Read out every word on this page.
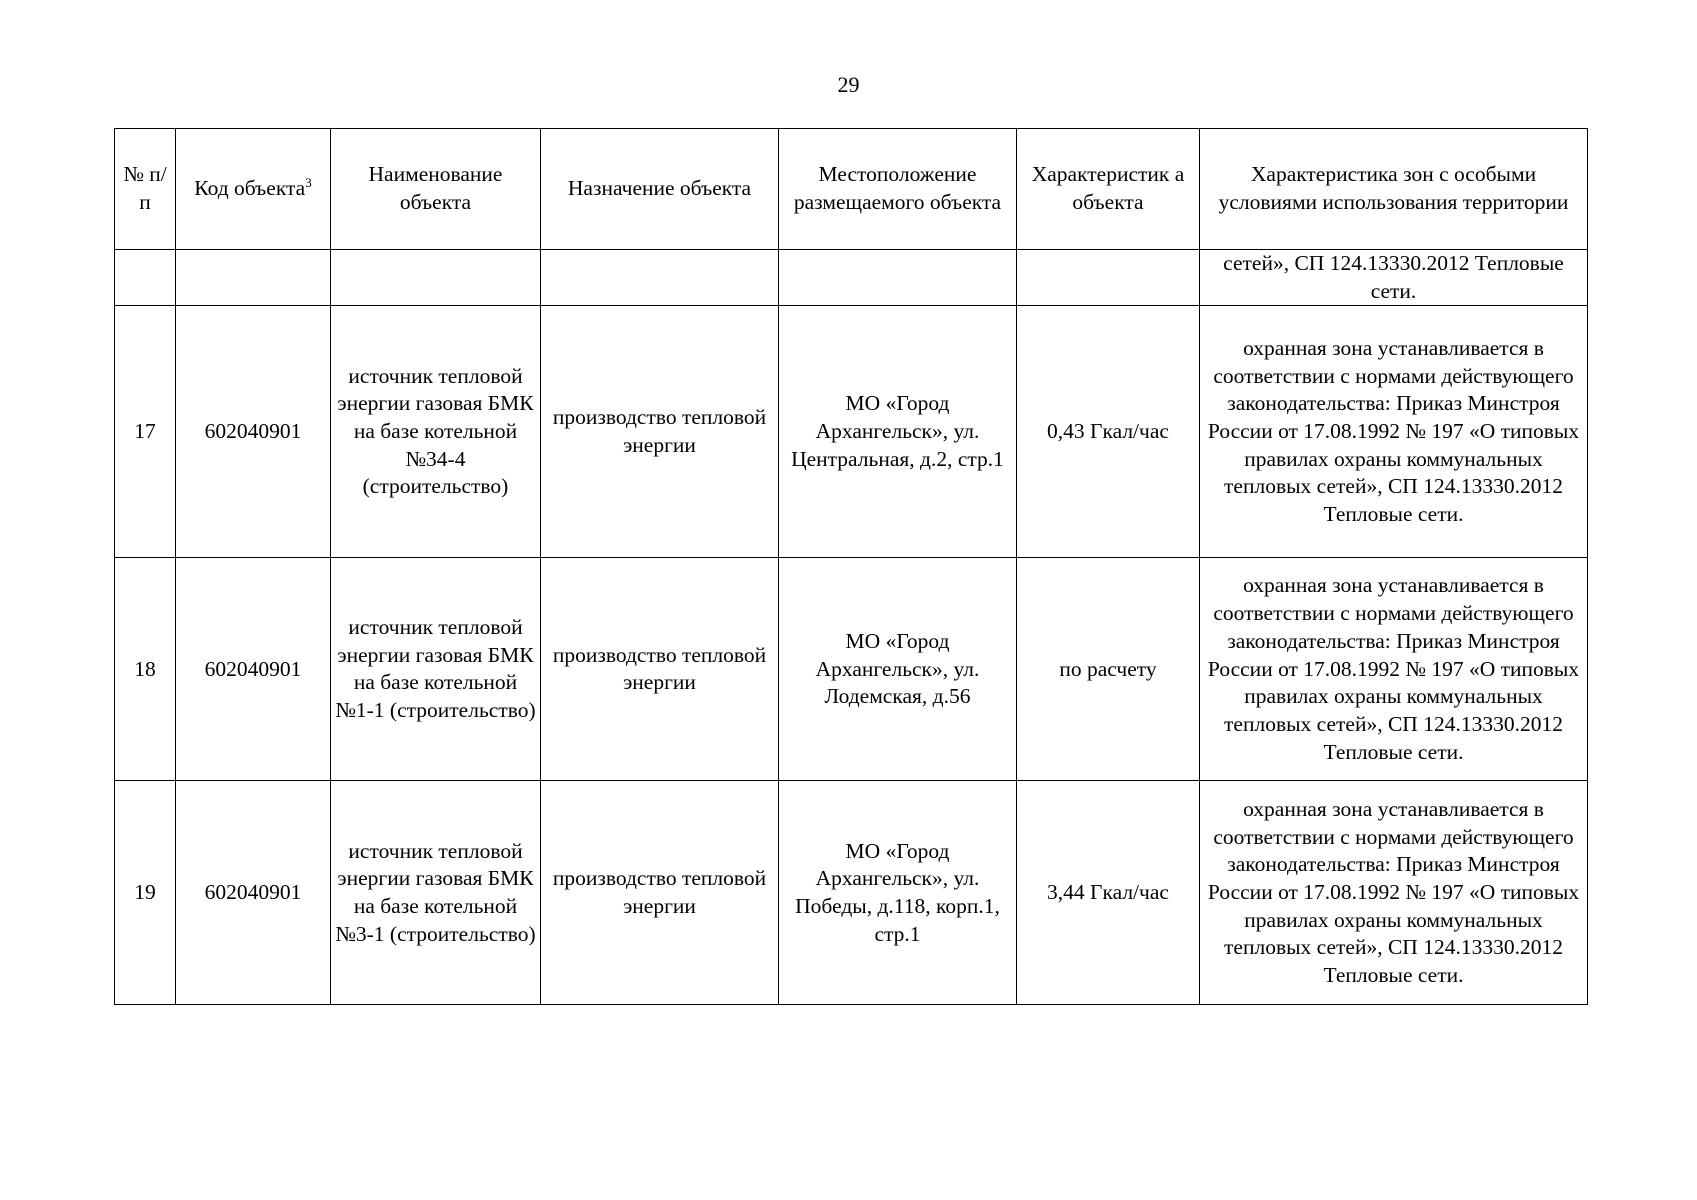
29
№ п/п	Код объекта$^3$	Наименование объекта	Назначение объекта	Местоположение размещаемого объекта	Характеристик а объекта	Характеристика зон с особыми условиями использования территории
						сетей», СП 124.13330.2012 Тепловые сети.
17	602040901	источник тепловой энергии газовая БМК на базе котельной №34-4 (строительство)	производство тепловой энергии	МО «Город Архангельск», ул. Центральная, д.2, стр.1	0,43 Гкал/час	охранная зона устанавливается в соответствии с нормами действующего законодательства: Приказ Минстроя России от 17.08.1992 № 197 «О типовых правилах охраны коммунальных тепловых сетей», СП 124.13330.2012 Тепловые сети.
18	602040901	источник тепловой энергии газовая БМК на базе котельной №1-1 (строительство)	производство тепловой энергии	МО «Город Архангельск», ул. Лодемская, д.56	по расчету	охранная зона устанавливается в соответствии с нормами действующего законодательства: Приказ Минстроя России от 17.08.1992 № 197 «О типовых правилах охраны коммунальных тепловых сетей», СП 124.13330.2012 Тепловые сети.
19	602040901	источник тепловой энергии газовая БМК на базе котельной №3-1 (строительство)	производство тепловой энергии	МО «Город Архангельск», ул. Победы, д.118, корп.1, стр.1	3,44 Гкал/час	охранная зона устанавливается в соответствии с нормами действующего законодательства: Приказ Минстроя России от 17.08.1992 № 197 «О типовых правилах охраны коммунальных тепловых сетей», СП 124.13330.2012 Тепловые сети.
